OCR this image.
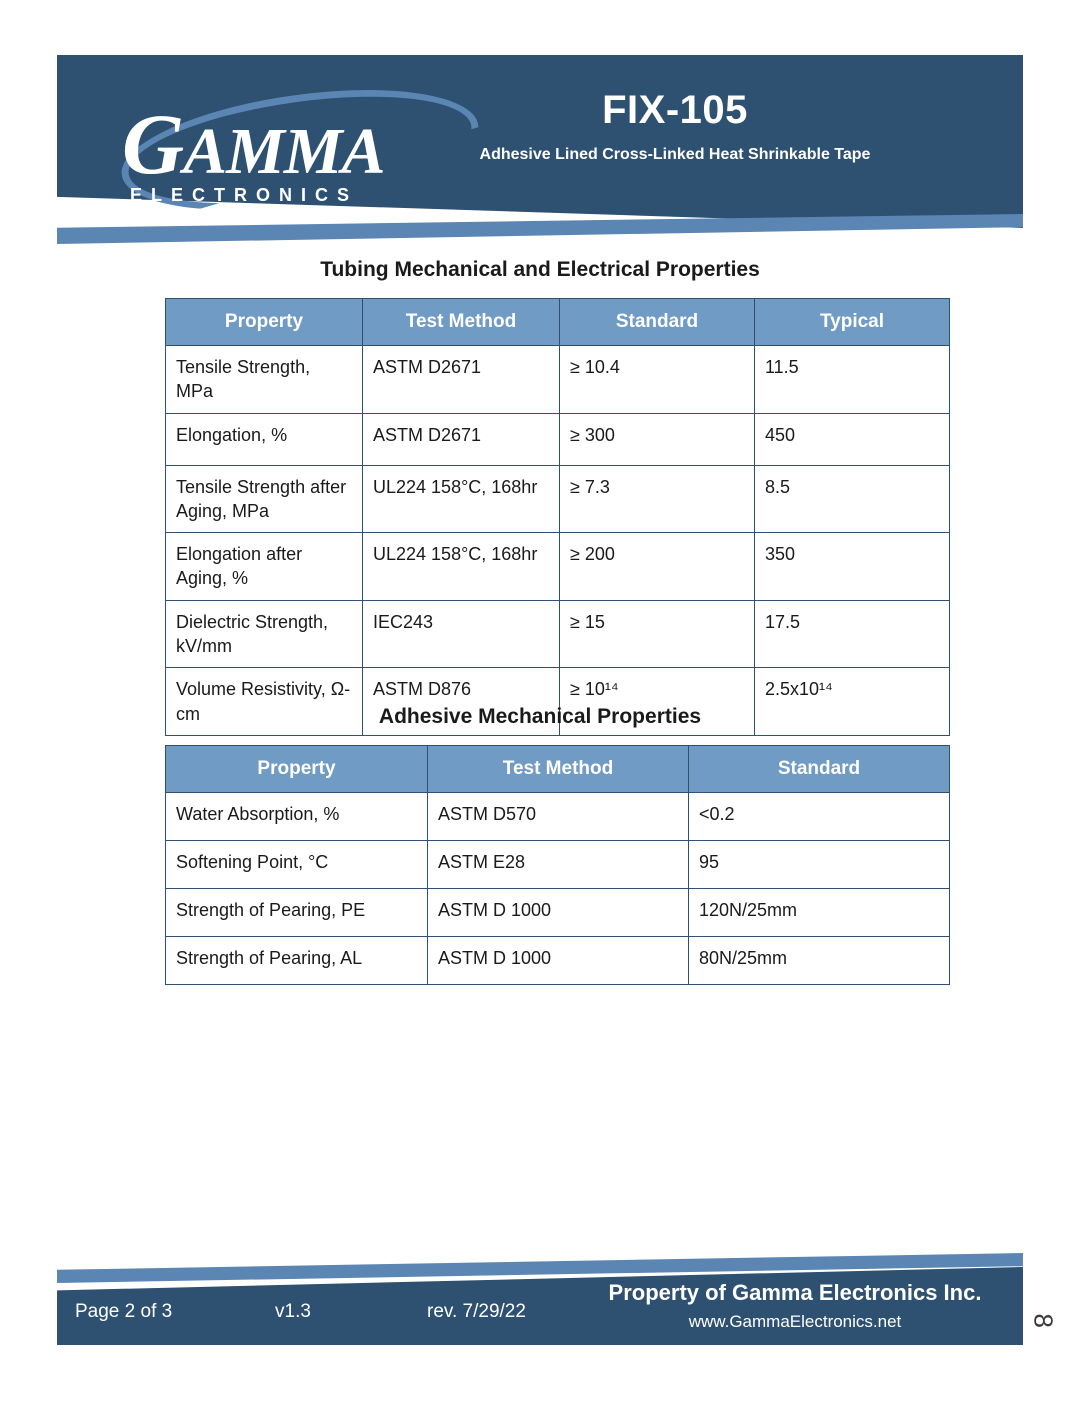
GAMMA
ELECTRONICS
FIX-105
Adhesive Lined Cross-Linked Heat Shrinkable Tape
Tubing Mechanical and Electrical Properties
Property	Test Method	Standard	Typical
Tensile Strength, MPa	ASTM D2671	≥ 10.4	11.5
Elongation, %	ASTM D2671	≥ 300	450
Tensile Strength after Aging, MPa	UL224 158°C, 168hr	≥ 7.3	8.5
Elongation after Aging, %	UL224 158°C, 168hr	≥ 200	350
Dielectric Strength, kV/mm	IEC243	≥ 15	17.5
Volume Resistivity, Ω-cm	ASTM D876	≥ 10¹⁴	2.5x10¹⁴
Adhesive Mechanical Properties
Property	Test Method	Standard
Water Absorption, %	ASTM D570	<0.2
Softening Point, °C	ASTM E28	95
Strength of Pearing, PE	ASTM D 1000	120N/25mm
Strength of Pearing, AL	ASTM D 1000	80N/25mm
Page 2 of 3	v1.3	rev. 7/29/22
Property of Gamma Electronics Inc.
www.GammaElectronics.net	8
